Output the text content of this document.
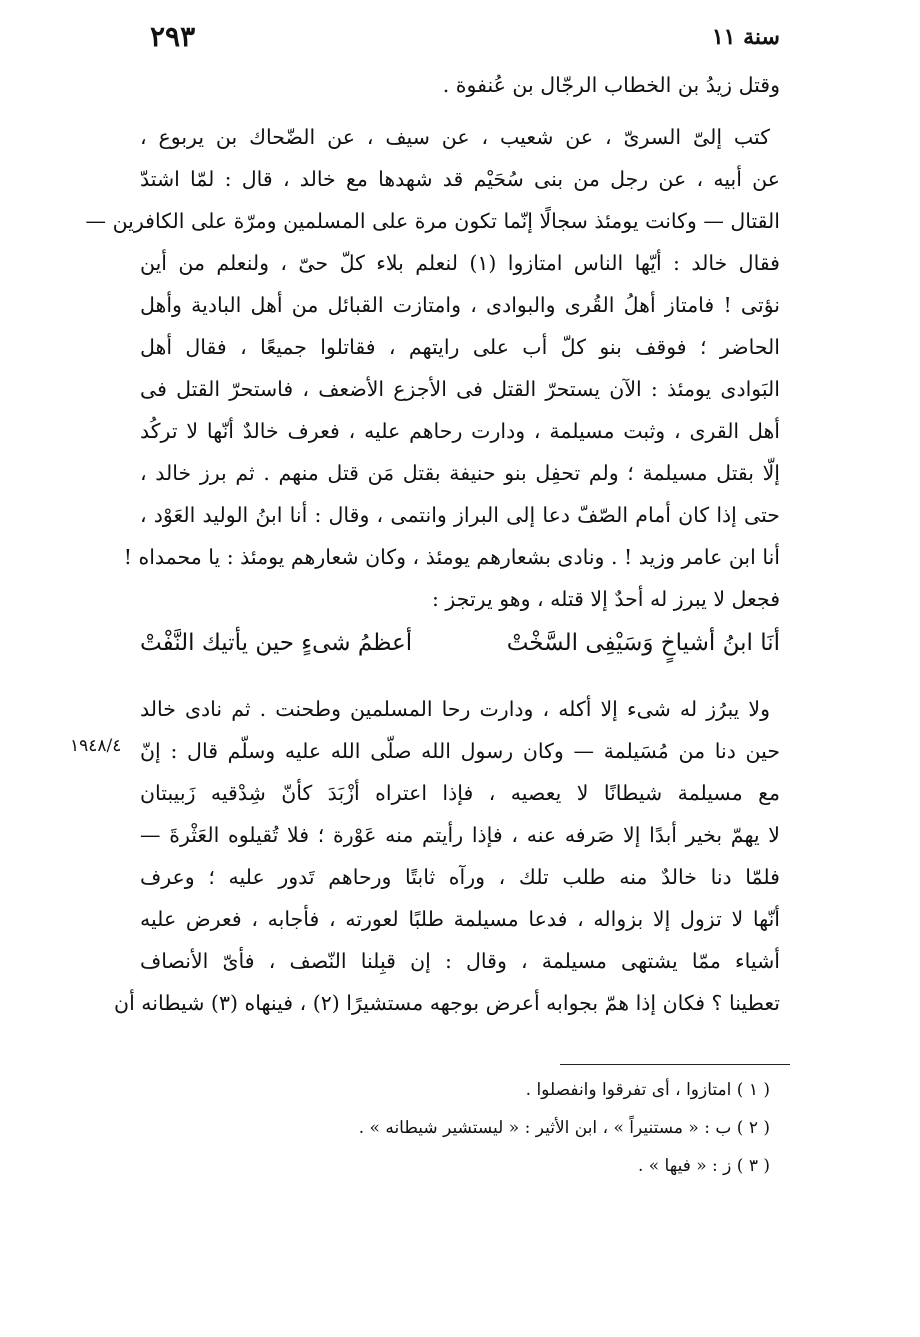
سنة ١١
٢٩٣
وقتل زيدُ بن الخطاب الرجّال بن عُنفوة .
كتب إلىّ السرىّ ، عن شعيب ، عن سيف ، عن الضّحاك بن يربوع ،
عن أبيه ، عن رجل من بنى سُحَيْم قد شهدها مع خالد ، قال : لمّا اشتدّ
القتال — وكانت يومئذ سجالًا إنّما تكون مرة على المسلمين ومرّة على الكافرين —
فقال خالد : أيّها الناس امتازوا (١) لنعلم بلاء كلّ حىّ ، ولنعلم من أين
نؤتى ! فامتاز أهلُ القُرى والبوادى ، وامتازت القبائل من أهل البادية وأهل
الحاضر ؛ فوقف بنو كلّ أب على رايتهم ، فقاتلوا جميعًا ، فقال أهل
البَوادى يومئذ : الآن يستحرّ القتل فى الأجزع الأضعف ، فاستحرّ القتل فى
أهل القرى ، وثبت مسيلمة ، ودارت رحاهم عليه ، فعرف خالدٌ أنّها لا تركُد
إلّا بقتل مسيلمة ؛ ولم تحفِل بنو حنيفة بقتل مَن قتل منهم . ثم برز خالد ،
حتى إذا كان أمام الصّفّ دعا إلى البراز وانتمى ، وقال : أنا ابنُ الوليد العَوْد ،
أنا ابن عامر وزيد ! . ونادى بشعارهم يومئذ ، وكان شعارهم يومئذ : يا محمداه !
فجعل لا يبرز له أحدٌ إلا قتله ، وهو يرتجز :
أنَا ابنُ أشياخٍ وَسَيْفِى السَّخْتْ
أعظمُ شىءٍ حين يأتيك النَّفْتْ
ولا يبرُز له شىء إلا أكله ، ودارت رحا المسلمين وطحنت . ثم نادى خالد
حين دنا من مُسَيلمة — وكان رسول الله صلّى الله عليه وسلّم قال : إنّ
مع مسيلمة شيطانًا لا يعصيه ، فإذا اعتراه أزْبَدَ كأنّ شِدْقيه زَبيبتان
لا يهمّ بخير أبدًا إلا صَرفه عنه ، فإذا رأيتم منه عَوْرة ؛ فلا تُقيلوه العَثْرةَ —
فلمّا دنا خالدٌ منه طلب تلك ، ورآه ثابتًا ورحاهم تَدور عليه ؛ وعرف
أنّها لا تزول إلا بزواله ، فدعا مسيلمة طلبًا لعورته ، فأجابه ، فعرض عليه
أشياء ممّا يشتهى مسيلمة ، وقال : إن قبِلنا النّصف ، فأىّ الأنصاف
تعطينا ؟ فكان إذا همّ بجوابه أعرض بوجهه مستشيرًا (٢) ، فينهاه (٣) شيطانه أن
١٩٤٨/٤
( ١ ) امتازوا ، أى تفرقوا وانفصلوا .
( ٢ ) ب : « مستنيراً » ، ابن الأثير : « ليستشير شيطانه » .
( ٣ ) ز : « فيها » .
